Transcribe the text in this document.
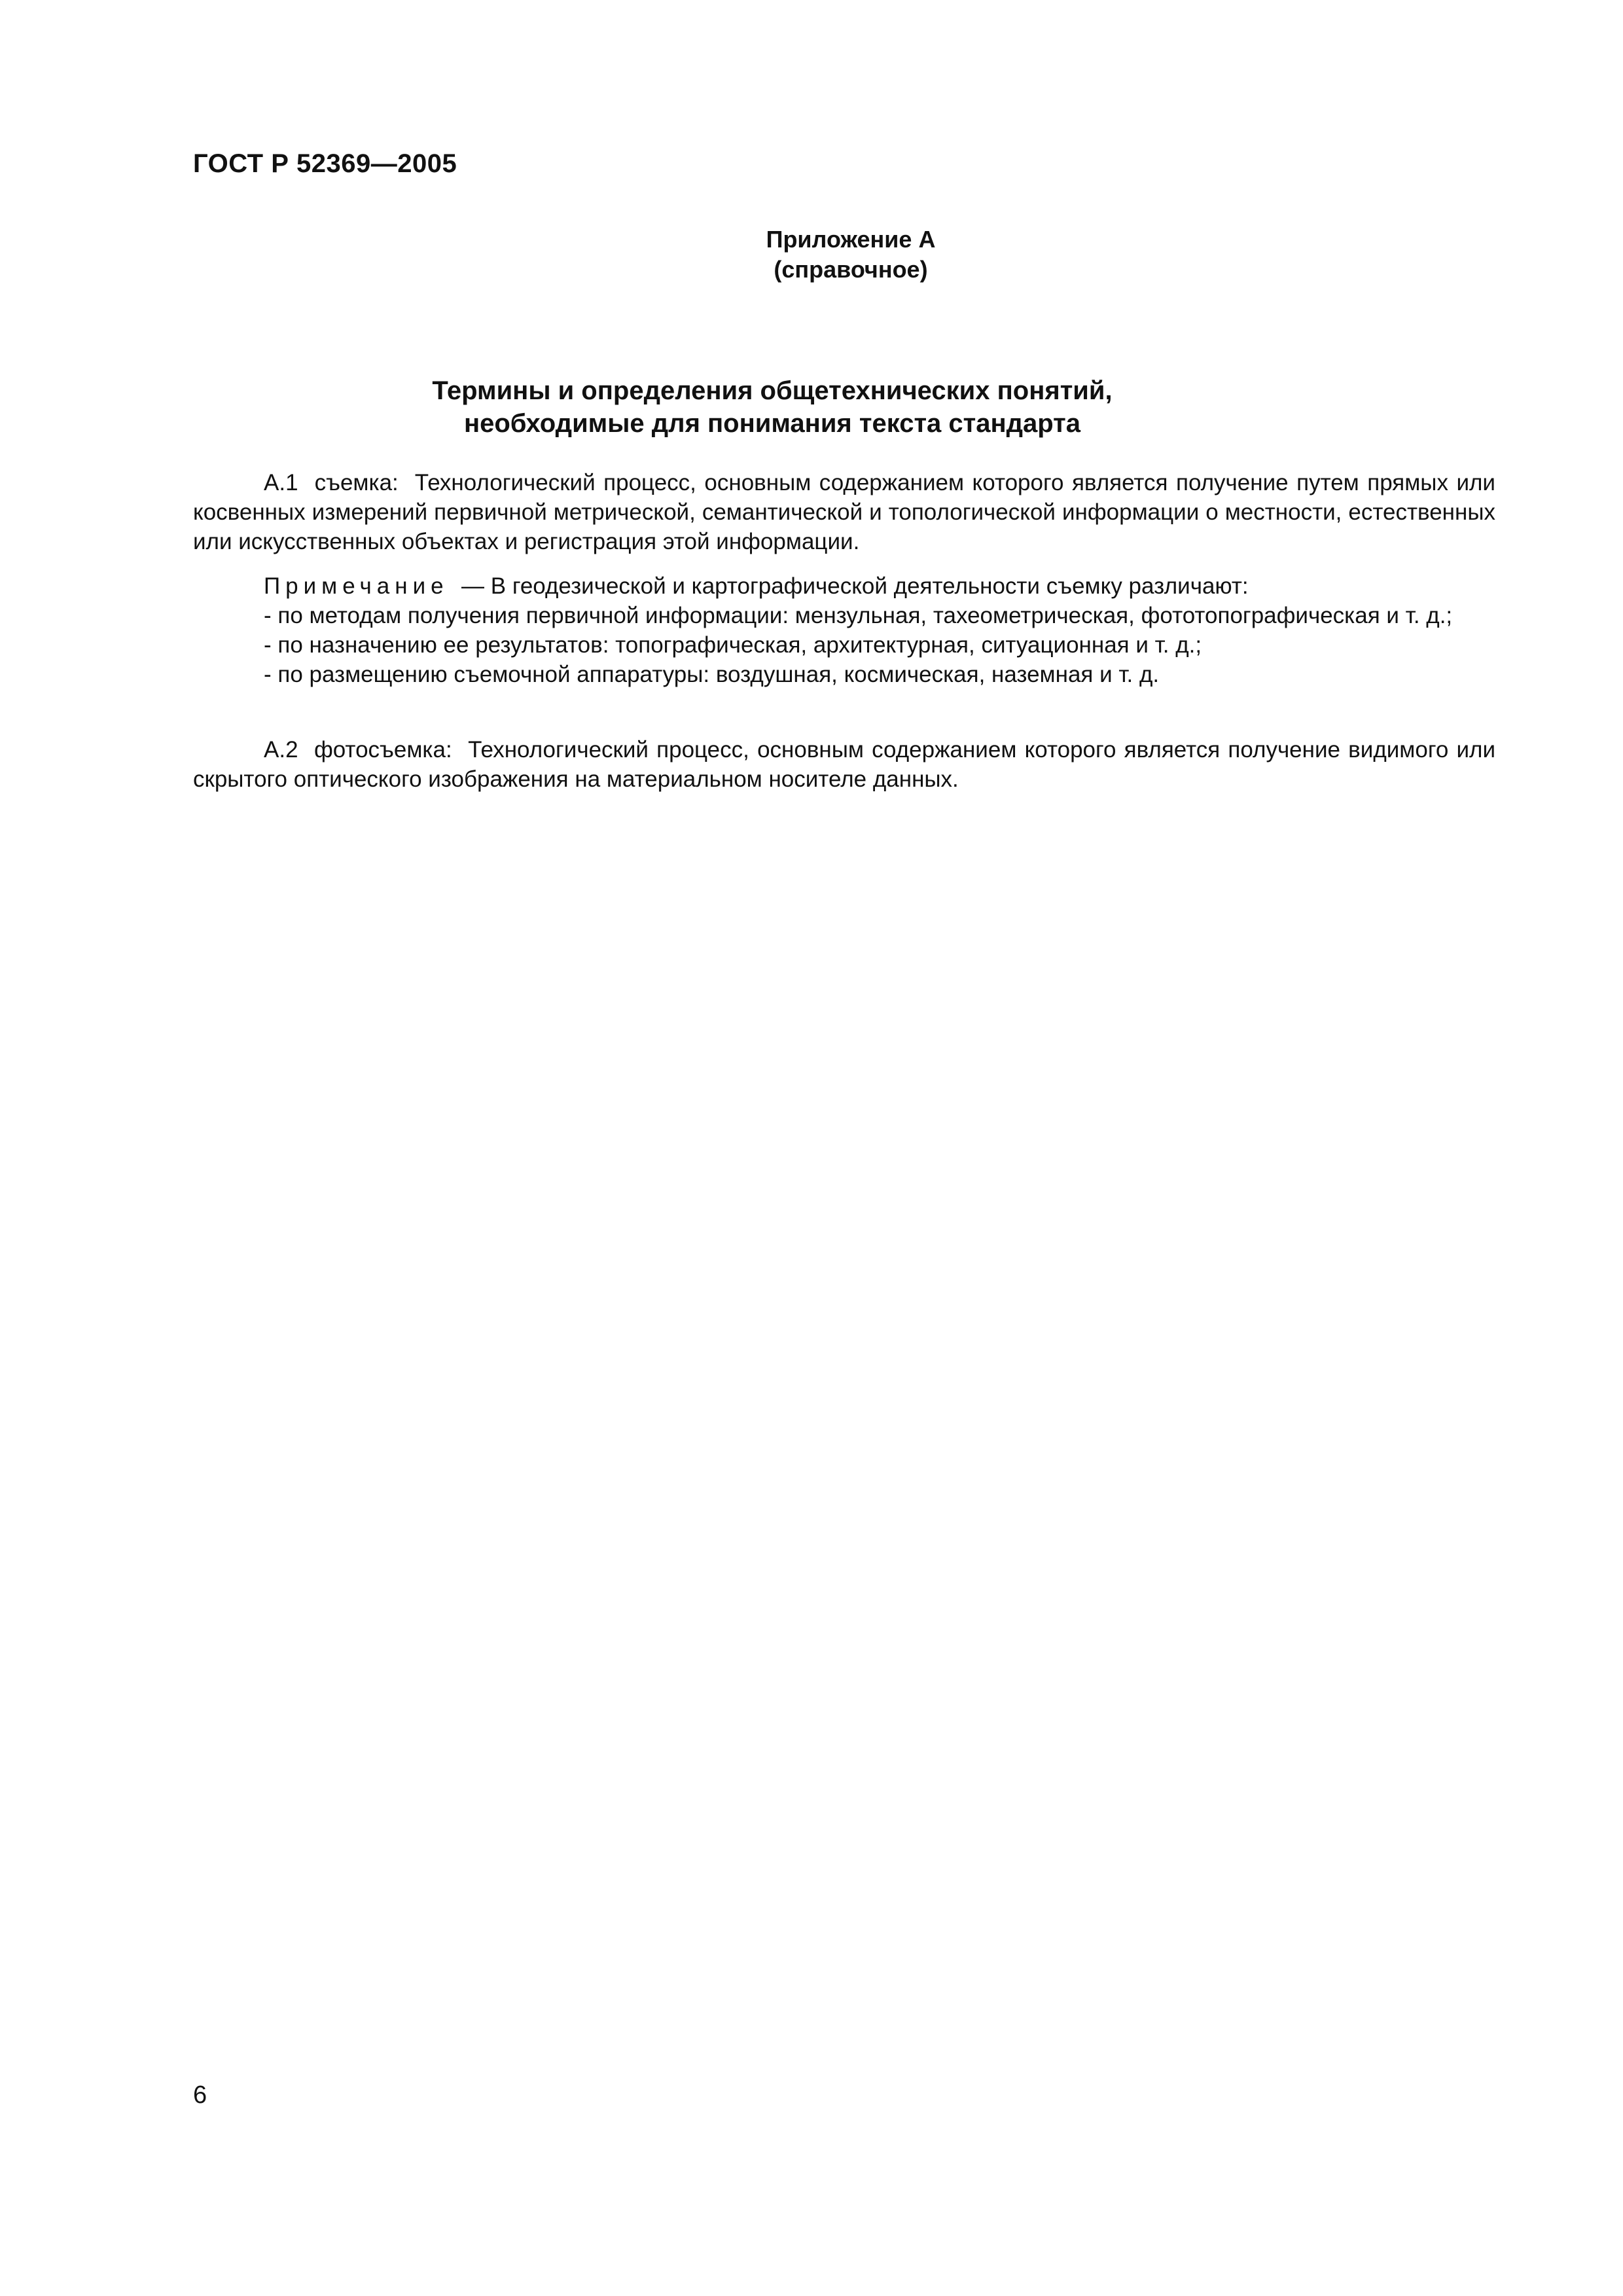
ГОСТ Р 52369—2005
Приложение А
(справочное)
Термины и определения общетехнических понятий,
необходимые для понимания текста стандарта

А.1 съемка: Технологический процесс, основным содержанием которого является получение путем прямых или косвенных измерений первичной метрической, семантической и топологической информации о местности, естественных или искусственных объектах и регистрация этой информации.

Примечание — В геодезической и картографической деятельности съемку различают:

- по методам получения первичной информации: мензульная, тахеометрическая, фототопографическая и т. д.;

- по назначению ее результатов: топографическая, архитектурная, ситуационная и т. д.;

- по размещению съемочной аппаратуры: воздушная, космическая, наземная и т. д.

А.2 фотосъемка: Технологический процесс, основным содержанием которого является получение видимого или скрытого оптического изображения на материальном носителе данных.

6
